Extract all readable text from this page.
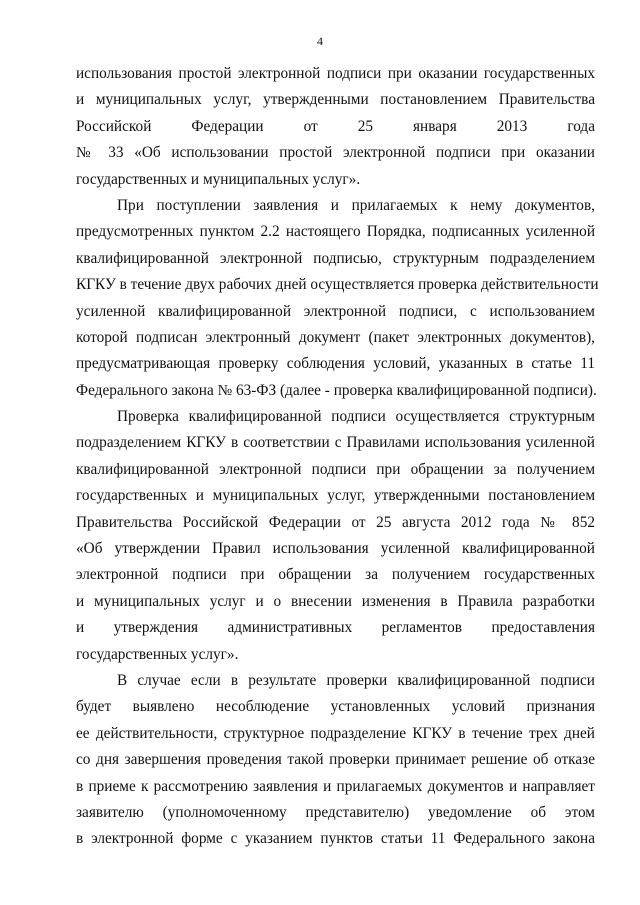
4
использования простой электронной подписи при оказании государственных
и муниципальных услуг, утвержденными постановлением Правительства
Российской Федерации от 25 января 2013 года
№ 33 «Об использовании простой электронной подписи при оказании
государственных и муниципальных услуг».
При поступлении заявления и прилагаемых к нему документов,
предусмотренных пунктом 2.2 настоящего Порядка, подписанных усиленной
квалифицированной электронной подписью, структурным подразделением
КГКУ в течение двух рабочих дней осуществляется проверка действительности
усиленной квалифицированной электронной подписи, с использованием
которой подписан электронный документ (пакет электронных документов),
предусматривающая проверку соблюдения условий, указанных в статье 11
Федерального закона № 63-ФЗ (далее - проверка квалифицированной подписи).
Проверка квалифицированной подписи осуществляется структурным
подразделением КГКУ в соответствии с Правилами использования усиленной
квалифицированной электронной подписи при обращении за получением
государственных и муниципальных услуг, утвержденными постановлением
Правительства Российской Федерации от 25 августа 2012 года № 852
«Об утверждении Правил использования усиленной квалифицированной
электронной подписи при обращении за получением государственных
и муниципальных услуг и о внесении изменения в Правила разработки
и утверждения административных регламентов предоставления
государственных услуг».
В случае если в результате проверки квалифицированной подписи
будет выявлено несоблюдение установленных условий признания
ее действительности, структурное подразделение КГКУ в течение трех дней
со дня завершения проведения такой проверки принимает решение об отказе
в приеме к рассмотрению заявления и прилагаемых документов и направляет
заявителю (уполномоченному представителю) уведомление об этом
в электронной форме с указанием пунктов статьи 11 Федерального закона
